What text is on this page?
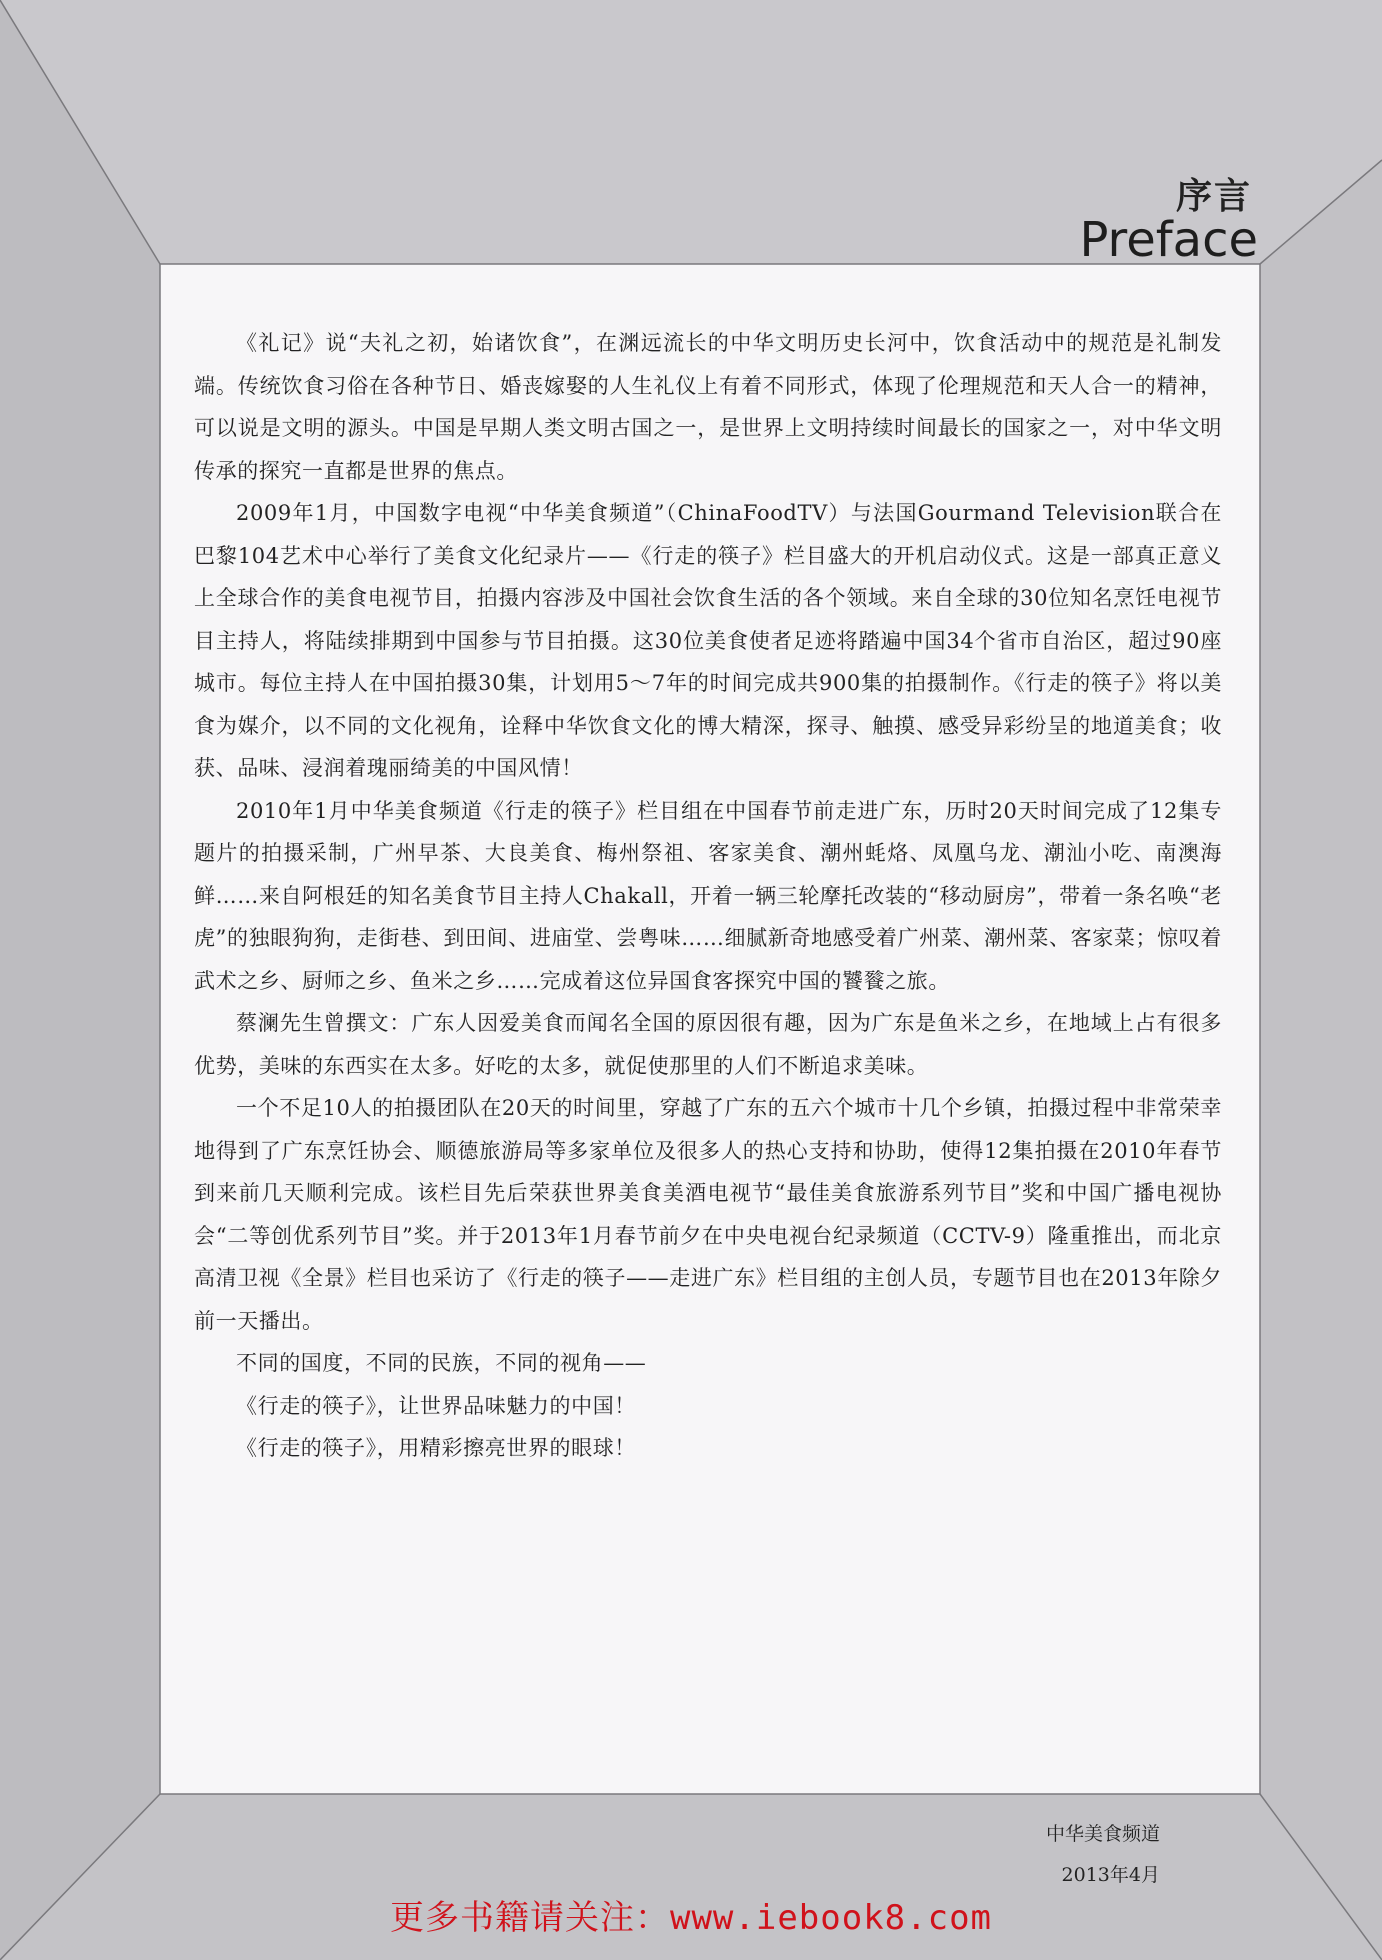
序言
Preface

《礼记》说“夫礼之初，始诸饮食”，在渊远流长的中华文明历史长河中，饮食活动中的规范是礼制发端。传统饮食习俗在各种节日、婚丧嫁娶的人生礼仪上有着不同形式，体现了伦理规范和天人合一的精神，可以说是文明的源头。中国是早期人类文明古国之一，是世界上文明持续时间最长的国家之一，对中华文明传承的探究一直都是世界的焦点。

2009年1月，中国数字电视“中华美食频道”（ChinaFoodTV）与法国Gourmand Television联合在巴黎104艺术中心举行了美食文化纪录片——《行走的筷子》栏目盛大的开机启动仪式。这是一部真正意义上全球合作的美食电视节目，拍摄内容涉及中国社会饮食生活的各个领域。来自全球的30位知名烹饪电视节目主持人，将陆续排期到中国参与节目拍摄。这30位美食使者足迹将踏遍中国34个省市自治区，超过90座城市。每位主持人在中国拍摄30集，计划用5～7年的时间完成共900集的拍摄制作。《行走的筷子》将以美食为媒介，以不同的文化视角，诠释中华饮食文化的博大精深，探寻、触摸、感受异彩纷呈的地道美食；收获、品味、浸润着瑰丽绮美的中国风情！

2010年1月中华美食频道《行走的筷子》栏目组在中国春节前走进广东，历时20天时间完成了12集专题片的拍摄采制，广州早茶、大良美食、梅州祭祖、客家美食、潮州蚝烙、凤凰乌龙、潮汕小吃、南澳海鲜……来自阿根廷的知名美食节目主持人Chakall，开着一辆三轮摩托改装的“移动厨房”，带着一条名唤“老虎”的独眼狗狗，走街巷、到田间、进庙堂、尝粤味……细腻新奇地感受着广州菜、潮州菜、客家菜；惊叹着武术之乡、厨师之乡、鱼米之乡……完成着这位异国食客探究中国的饕餮之旅。

蔡澜先生曾撰文：广东人因爱美食而闻名全国的原因很有趣，因为广东是鱼米之乡，在地域上占有很多优势，美味的东西实在太多。好吃的太多，就促使那里的人们不断追求美味。

一个不足10人的拍摄团队在20天的时间里，穿越了广东的五六个城市十几个乡镇，拍摄过程中非常荣幸地得到了广东烹饪协会、顺德旅游局等多家单位及很多人的热心支持和协助，使得12集拍摄在2010年春节到来前几天顺利完成。该栏目先后荣获世界美食美酒电视节“最佳美食旅游系列节目”奖和中国广播电视协会“二等创优系列节目”奖。并于2013年1月春节前夕在中央电视台纪录频道（CCTV-9）隆重推出，而北京高清卫视《全景》栏目也采访了《行走的筷子——走进广东》栏目组的主创人员，专题节目也在2013年除夕前一天播出。

不同的国度，不同的民族，不同的视角——

《行走的筷子》，让世界品味魅力的中国！

《行走的筷子》，用精彩擦亮世界的眼球！

中华美食频道
2013年4月
更多书籍请关注：www.iebook8.com
